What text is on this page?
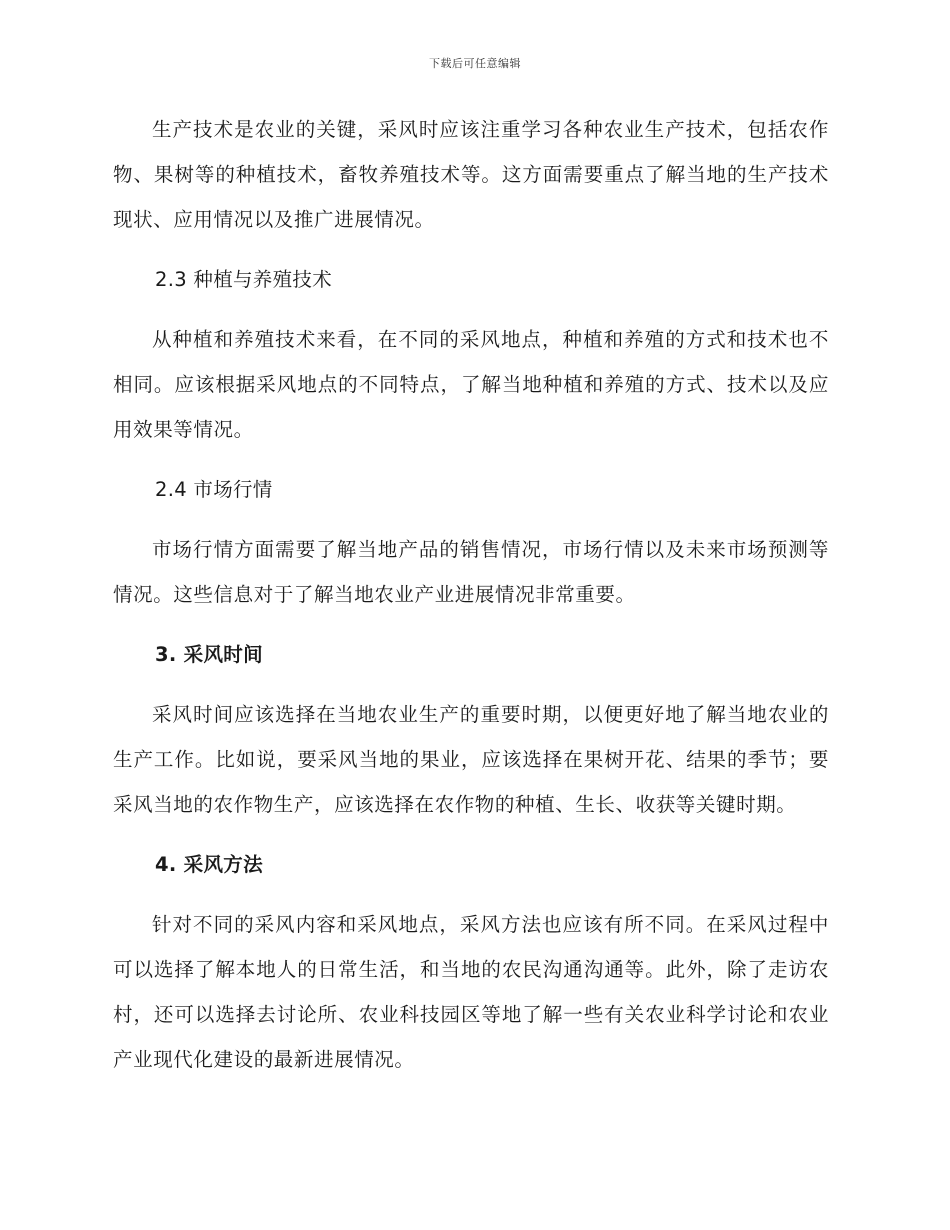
下载后可任意编辑

生产技术是农业的关键，采风时应该注重学习各种农业生产技术，包括农作物、果树等的种植技术，畜牧养殖技术等。这方面需要重点了解当地的生产技术现状、应用情况以及推广进展情况。

2.3 种植与养殖技术

从种植和养殖技术来看，在不同的采风地点，种植和养殖的方式和技术也不相同。应该根据采风地点的不同特点，了解当地种植和养殖的方式、技术以及应用效果等情况。

2.4 市场行情

市场行情方面需要了解当地产品的销售情况，市场行情以及未来市场预测等情况。这些信息对于了解当地农业产业进展情况非常重要。

3. 采风时间

采风时间应该选择在当地农业生产的重要时期，以便更好地了解当地农业的生产工作。比如说，要采风当地的果业，应该选择在果树开花、结果的季节；要采风当地的农作物生产，应该选择在农作物的种植、生长、收获等关键时期。

4. 采风方法

针对不同的采风内容和采风地点，采风方法也应该有所不同。在采风过程中可以选择了解本地人的日常生活，和当地的农民沟通沟通等。此外，除了走访农村，还可以选择去讨论所、农业科技园区等地了解一些有关农业科学讨论和农业产业现代化建设的最新进展情况。
